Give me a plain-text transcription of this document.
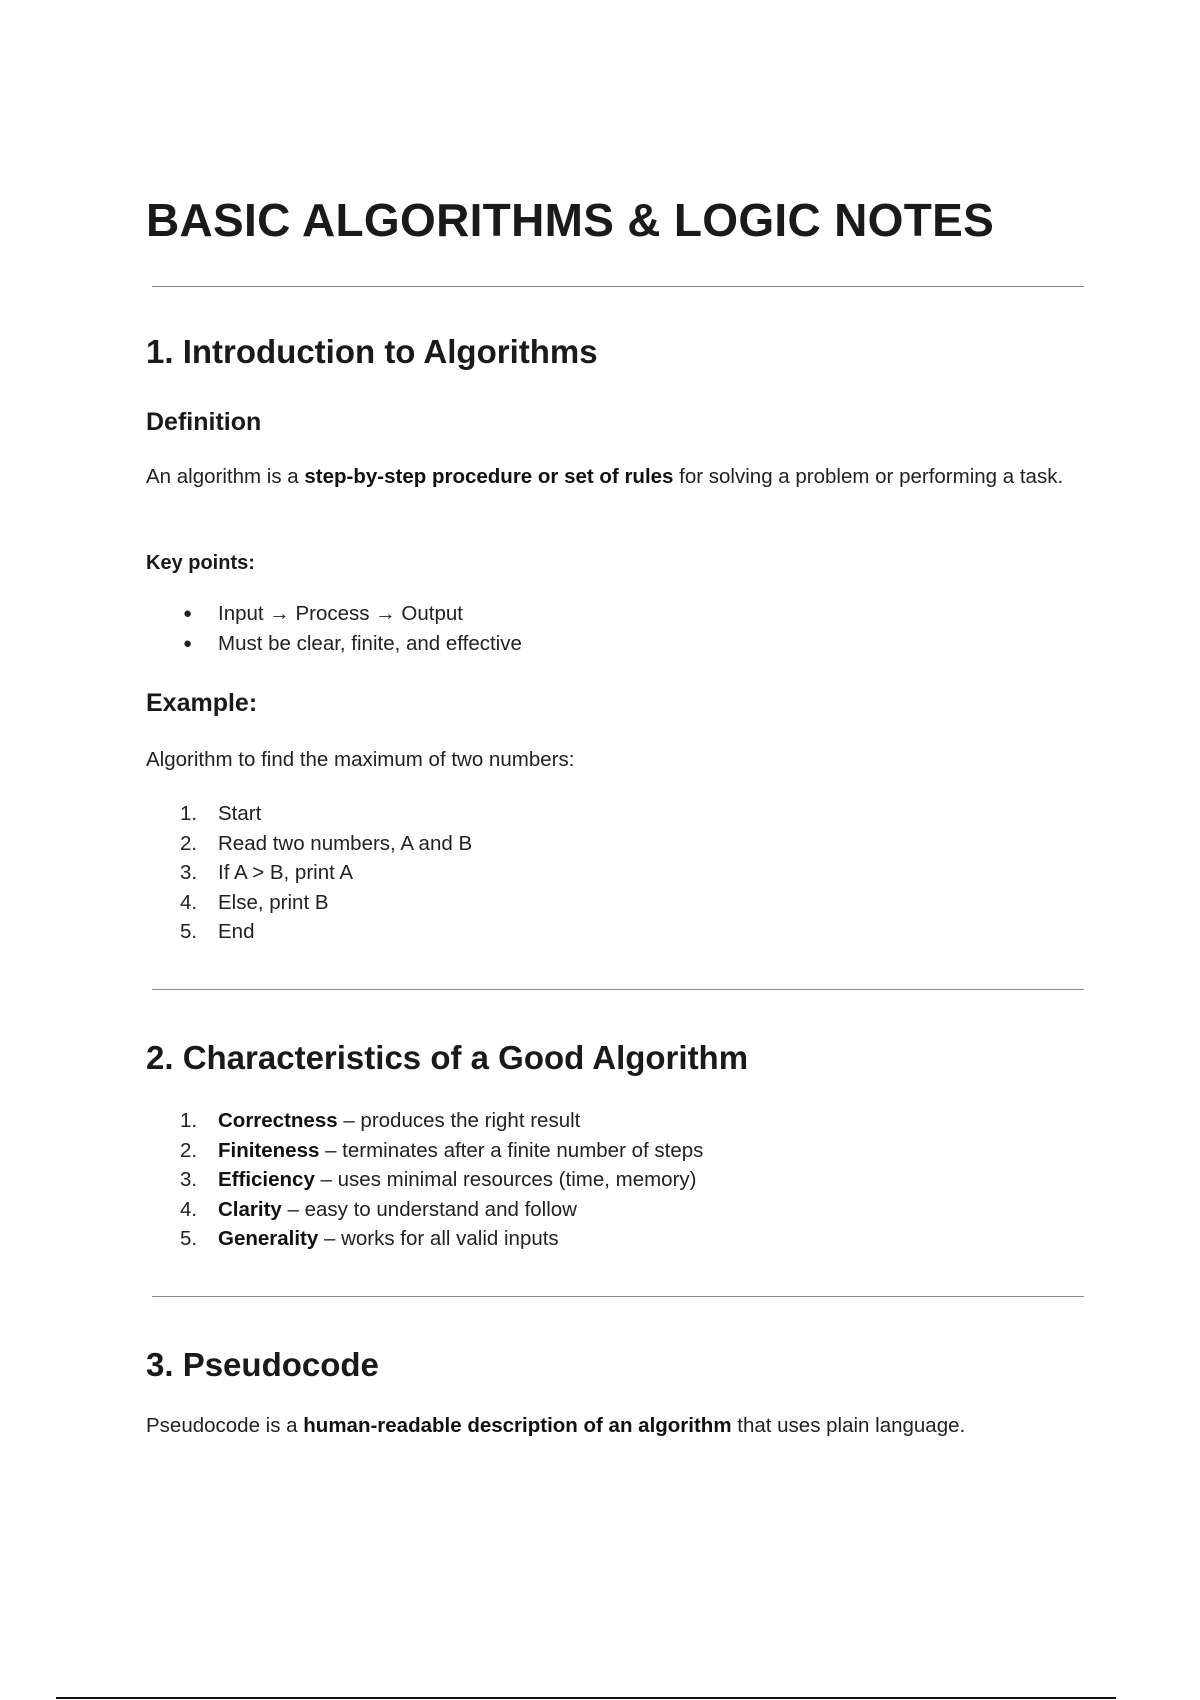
BASIC ALGORITHMS & LOGIC NOTES
1. Introduction to Algorithms
Definition

An algorithm is a step-by-step procedure or set of rules for solving a problem or performing a task.

Key points:
● Input → Process → Output
● Must be clear, finite, and effective
Example:

Algorithm to find the maximum of two numbers:

1. Start
2. Read two numbers, A and B
3. If A > B, print A
4. Else, print B
5. End
2. Characteristics of a Good Algorithm
1. Correctness – produces the right result
2. Finiteness – terminates after a finite number of steps
3. Efficiency – uses minimal resources (time, memory)
4. Clarity – easy to understand and follow
5. Generality – works for all valid inputs
3. Pseudocode

Pseudocode is a human-readable description of an algorithm that uses plain language.
